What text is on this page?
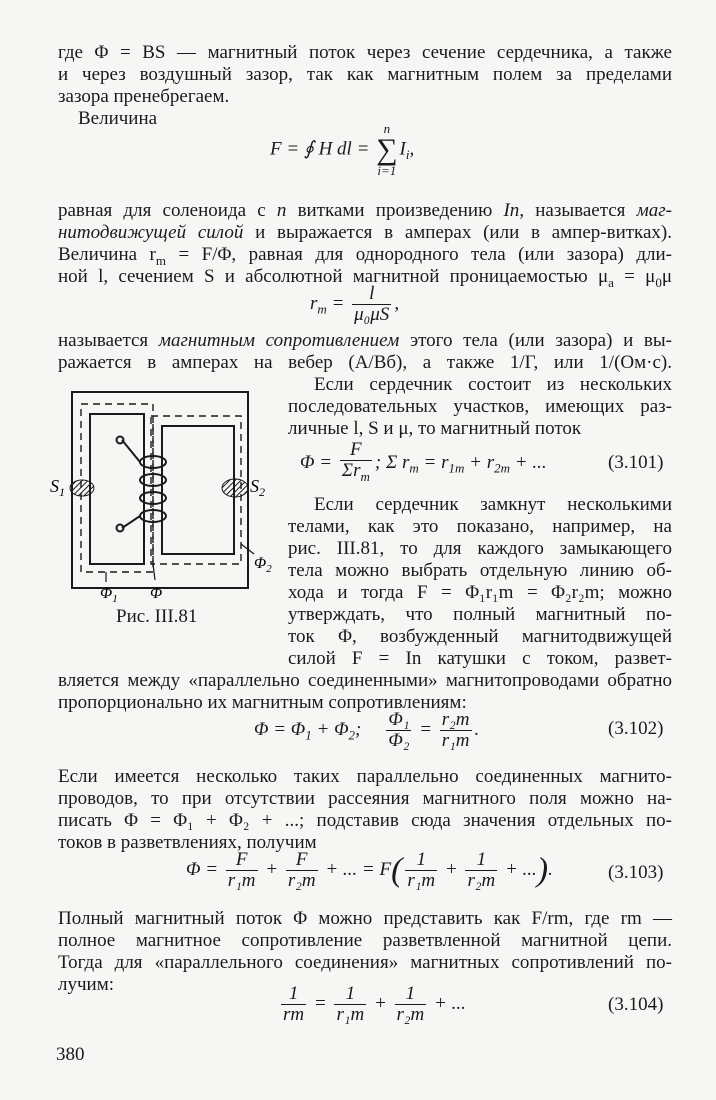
где Φ = BS — магнитный поток через сечение сердечника, а также
и через воздушный зазор, так как магнитным полем за пределами
зазора пренебрегаем.
Величина
F = ∮ H dl =
n
∑
i=1
$I_i$,
равная для соленоида с n витками произведению In, называется маг-
нитодвижущей силой и выражается в амперах (или в ампер-витках).
Величина $r_m = F/\Phi$, равная для однородного тела (или зазора) дли-
ной l, сечением S и абсолютной магнитной проницаемостью $\mu_a = \mu_0\mu$
$r_m = \frac{l}{\text{μ₀μS}}$ ,
называется магнитным сопротивлением этого тела (или зазора) и вы-
ражается в амперах на вебер (А/Вб), а также 1/Г, или 1/(Ом·с).
Если сердечник состоит из нескольких
последовательных участков, имеющих раз-
личные l, S и μ, то магнитный поток
$\Phi = \frac{F}{\Sigma r_m}$ ; Σ $r_m = r_{1m} + r_{2m}$ + ...	(3.101)
Если сердечник замкнут несколькими
телами, как это показано, например, на
рис. III.81, то для каждого замыкающего
тела можно выбрать отдельную линию об-
хода и тогда F = Φ₁r₁m = Φ₂r₂m; можно
утверждать, что полный магнитный по-
ток Φ, возбужденный магнитодвижущей
силой F = In катушки с током, развет-
вляется между «параллельно соединенными» магнитопроводами обратно
пропорционально их магнитным сопротивлениям:
$S_1$	$S_2$
Φ
$\Phi_1$
$\Phi_2$
Рис. III.81
$\Phi = \Phi_1 + \Phi_2$; $\frac{\text{Φ₁}}{\text{Φ₂}} = \frac{\text{r₂m}}{\text{r₁m}}$ .	(3.102)
Если имеется несколько таких параллельно соединенных магнито-
проводов, то при отсутствии рассеяния магнитного поля можно на-
писать Φ = Φ₁ + Φ₂ + ...; подставив сюда значения отдельных по-
токов в разветвлениях, получим
$\Phi = \frac{F}{\text{r₁m}} + \frac{F}{\text{r₂m}}$ + ... = $F( \frac{1}{\text{r₁m}} + \frac{1}{\text{r₂m}}$ + ...).	(3.103)
Полный магнитный поток Φ можно представить как F/rm, где rm —
полное магнитное сопротивление разветвленной магнитной цепи.
Тогда для «параллельного соединения» магнитных сопротивлений по-
лучим:	$\frac{1}{rm} = \frac{1}{\text{r₁m}} + \frac{1}{\text{r₂m}}$ + ...	(3.104)
380
